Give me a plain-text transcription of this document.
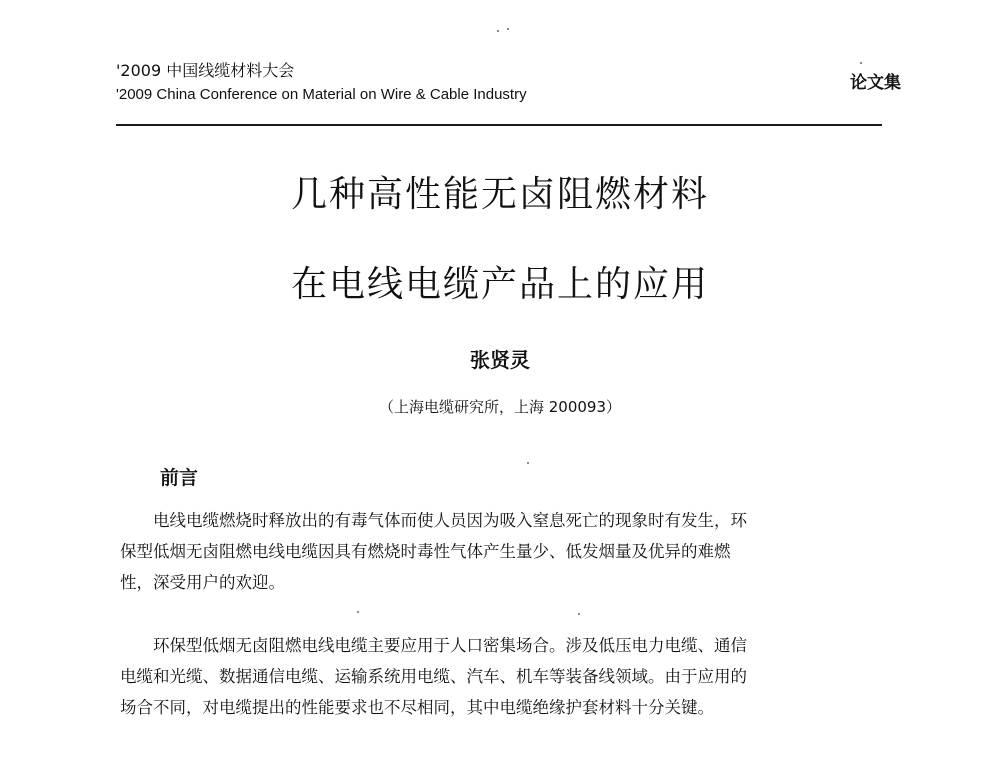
'2009 中国线缆材料大会
'2009 China Conference on Material on Wire & Cable Industry
论文集
几种高性能无卤阻燃材料
在电线电缆产品上的应用
张贤灵
（上海电缆研究所，上海 200093）
前言
电线电缆燃烧时释放出的有毒气体而使人员因为吸入窒息死亡的现象时有发生，环
保型低烟无卤阻燃电线电缆因具有燃烧时毒性气体产生量少、低发烟量及优异的难燃
性，深受用户的欢迎。
环保型低烟无卤阻燃电线电缆主要应用于人口密集场合。涉及低压电力电缆、通信
电缆和光缆、数据通信电缆、运输系统用电缆、汽车、机车等装备线领域。由于应用的
场合不同，对电缆提出的性能要求也不尽相同，其中电缆绝缘护套材料十分关键。
